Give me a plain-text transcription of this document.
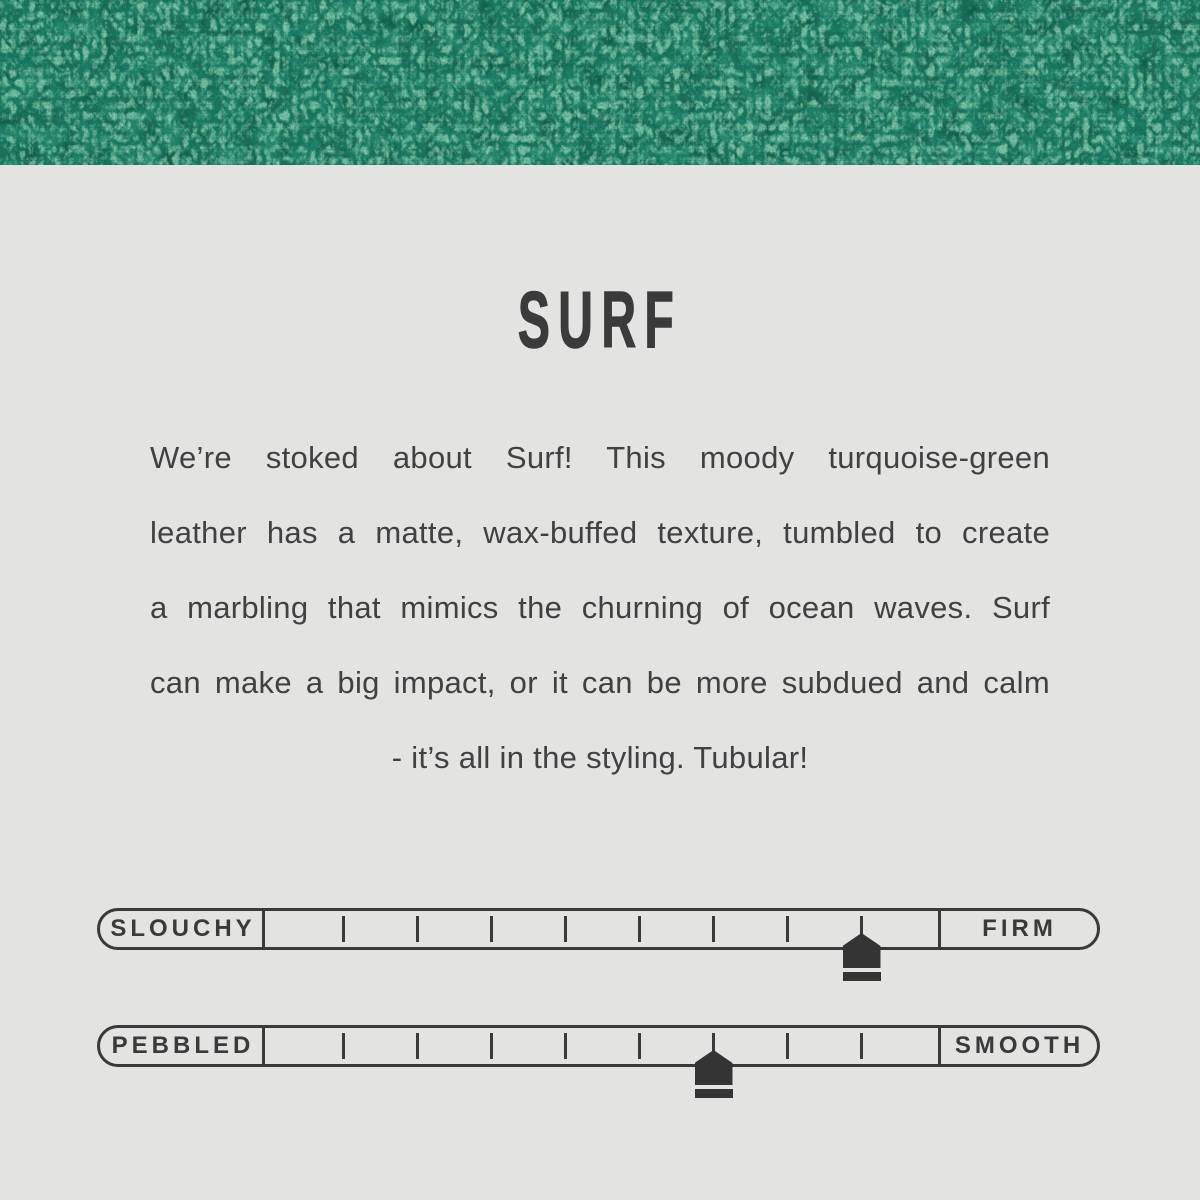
SURF
We’re stoked about Surf! This moody turquoise-green
leather has a matte, wax-buffed texture, tumbled to create
a marbling that mimics the churning of ocean waves. Surf
can make a big impact, or it can be more subdued and calm
- it’s all in the styling. Tubular!
SLOUCHY	FIRM
PEBBLED	SMOOTH
